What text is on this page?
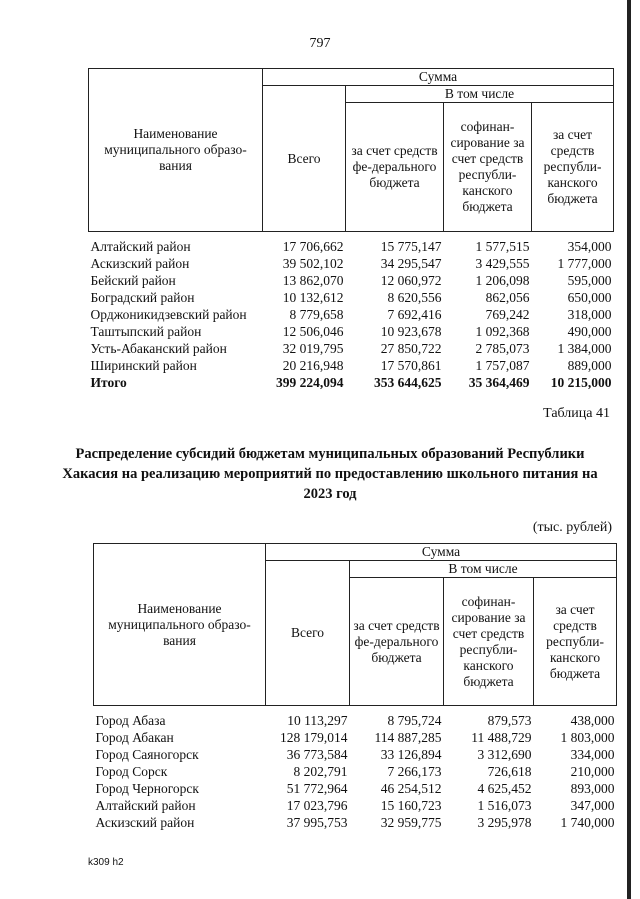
797
Наименование муниципального образо-вания	Сумма			
	Всего	В том числе		
		за счет средств фе-дерального бюджета	софинан-сирование за счет средств республи-канского бюджета	за счет средств республи-канского бюджета
Алтайский район	17 706,662	15 775,147	1 577,515	354,000
Аскизский район	39 502,102	34 295,547	3 429,555	1 777,000
Бейский район	13 862,070	12 060,972	1 206,098	595,000
Боградский район	10 132,612	8 620,556	862,056	650,000
Орджоникидзевский район	8 779,658	7 692,416	769,242	318,000
Таштыпский район	12 506,046	10 923,678	1 092,368	490,000
Усть-Абаканский район	32 019,795	27 850,722	2 785,073	1 384,000
Ширинский район	20 216,948	17 570,861	1 757,087	889,000
Итого	399 224,094	353 644,625	35 364,469	10 215,000
Таблица 41
Распределение субсидий бюджетам муниципальных образований Республики Хакасия на реализацию мероприятий по предоставлению школьного питания на 2023 год
(тыс. рублей)
Наименование муниципального образо-вания	Сумма			
	Всего	В том числе		
		за счет средств фе-дерального бюджета	софинан-сирование за счет средств республи-канского бюджета	за счет средств республи-канского бюджета
Город Абаза	10 113,297	8 795,724	879,573	438,000
Город Абакан	128 179,014	114 887,285	11 488,729	1 803,000
Город Саяногорск	36 773,584	33 126,894	3 312,690	334,000
Город Сорск	8 202,791	7 266,173	726,618	210,000
Город Черногорск	51 772,964	46 254,512	4 625,452	893,000
Алтайский район	17 023,796	15 160,723	1 516,073	347,000
Аскизский район	37 995,753	32 959,775	3 295,978	1 740,000
k309 h2
